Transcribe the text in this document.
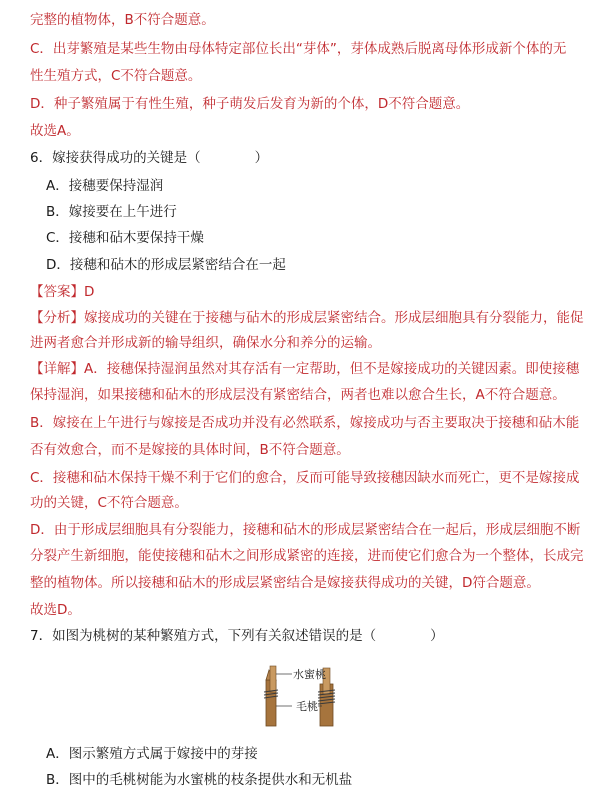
完整的植物体，B不符合题意。
C．出芽繁殖是某些生物由母体特定部位长出“芽体”，芽体成熟后脱离母体形成新个体的无
性生殖方式，C不符合题意。
D．种子繁殖属于有性生殖，种子萌发后发育为新的个体，D不符合题意。
故选A。
6．嫁接获得成功的关键是（　　　　）
A．接穗要保持湿润
B．嫁接要在上午进行
C．接穗和砧木要保持干燥
D．接穗和砧木的形成层紧密结合在一起
【答案】D
【分析】嫁接成功的关键在于接穗与砧木的形成层紧密结合。形成层细胞具有分裂能力，能促
进两者愈合并形成新的输导组织，确保水分和养分的运输。
【详解】A．接穗保持湿润虽然对其存活有一定帮助，但不是嫁接成功的关键因素。即使接穗
保持湿润，如果接穗和砧木的形成层没有紧密结合，两者也难以愈合生长，A不符合题意。
B．嫁接在上午进行与嫁接是否成功并没有必然联系，嫁接成功与否主要取决于接穗和砧木能
否有效愈合，而不是嫁接的具体时间，B不符合题意。
C．接穗和砧木保持干燥不利于它们的愈合，反而可能导致接穗因缺水而死亡，更不是嫁接成
功的关键，C不符合题意。
D．由于形成层细胞具有分裂能力，接穗和砧木的形成层紧密结合在一起后，形成层细胞不断
分裂产生新细胞，能使接穗和砧木之间形成紧密的连接，进而使它们愈合为一个整体，长成完
整的植物体。所以接穗和砧木的形成层紧密结合是嫁接获得成功的关键，D符合题意。
故选D。
7．如图为桃树的某种繁殖方式，下列有关叙述错误的是（　　　　）
水蜜桃
毛桃
A．图示繁殖方式属于嫁接中的芽接
B．图中的毛桃树能为水蜜桃的枝条提供水和无机盐
